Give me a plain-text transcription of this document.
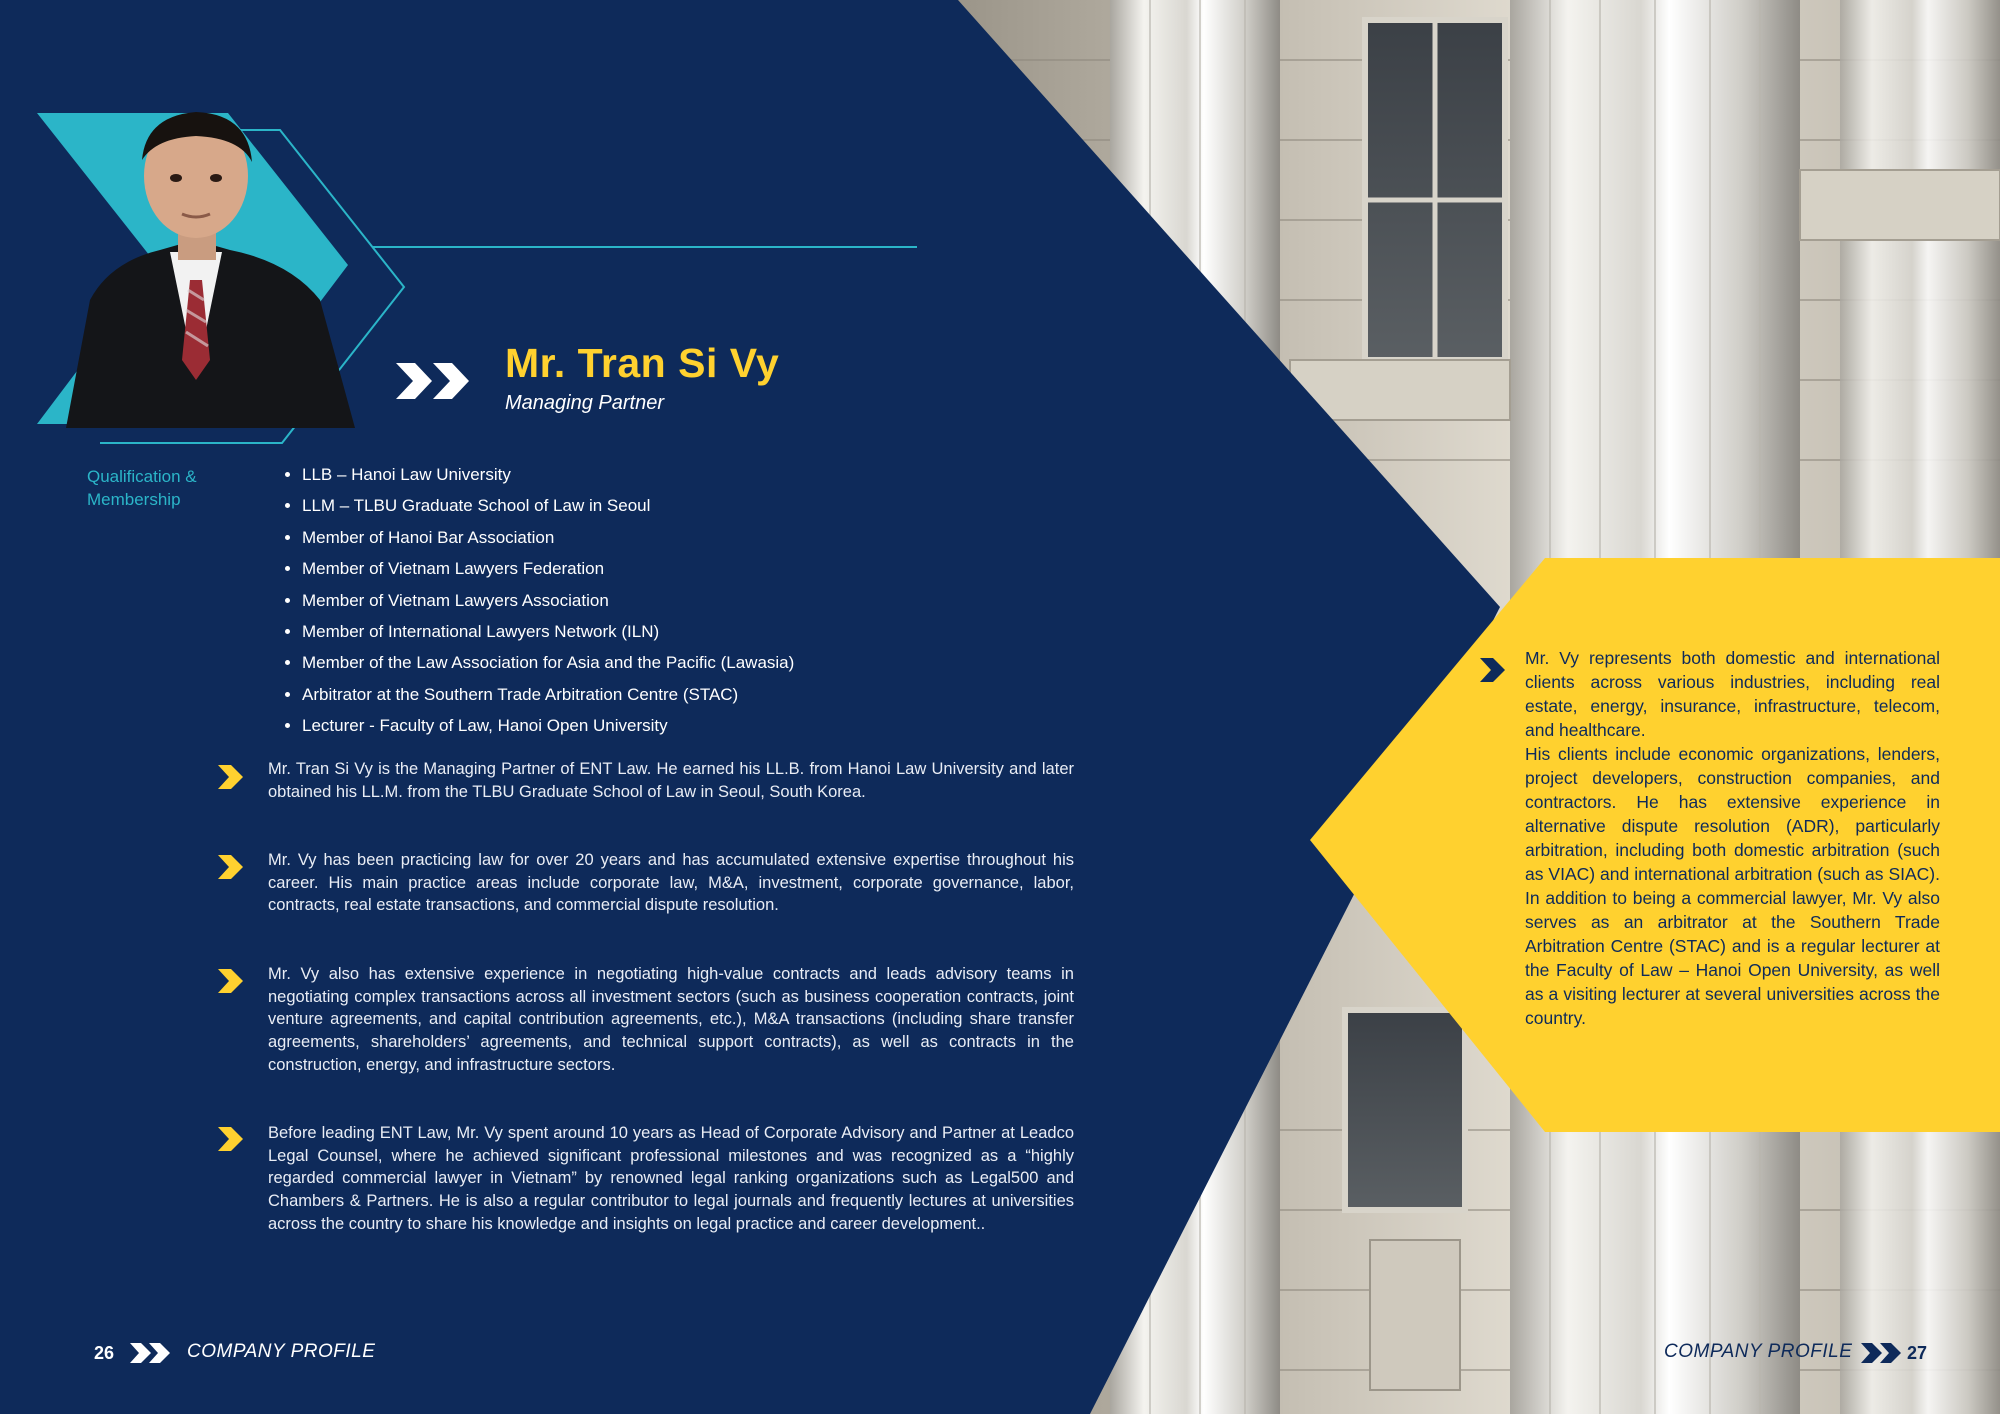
Mr. Tran Si Vy
Managing Partner
Qualification & Membership
• LLB – Hanoi Law University
• LLM – TLBU Graduate School of Law in Seoul
• Member of Hanoi Bar Association
• Member of Vietnam Lawyers Federation
• Member of Vietnam Lawyers Association
• Member of International Lawyers Network (ILN)
• Member of the Law Association for Asia and the Pacific (Lawasia)
• Arbitrator at the Southern Trade Arbitration Centre (STAC)
• Lecturer - Faculty of Law, Hanoi Open University

Mr. Tran Si Vy is the Managing Partner of ENT Law. He earned his LL.B. from Hanoi Law University and later obtained his LL.M. from the TLBU Graduate School of Law in Seoul, South Korea.

Mr. Vy has been practicing law for over 20 years and has accumulated extensive expertise throughout his career. His main practice areas include corporate law, M&A, investment, corporate governance, labor, contracts, real estate transactions, and commercial dispute resolution.

Mr. Vy also has extensive experience in negotiating high-value contracts and leads advisory teams in negotiating complex transactions across all investment sectors (such as business cooperation contracts, joint venture agreements, and capital contribution agreements, etc.), M&A transactions (including share transfer agreements, shareholders’ agreements, and technical support contracts), as well as contracts in the construction, energy, and infrastructure sectors.

Before leading ENT Law, Mr. Vy spent around 10 years as Head of Corporate Advisory and Partner at Leadco Legal Counsel, where he achieved significant professional milestones and was recognized as a “highly regarded commercial lawyer in Vietnam” by renowned legal ranking organizations such as Legal500 and Chambers & Partners. He is also a regular contributor to legal journals and frequently lectures at universities across the country to share his knowledge and insights on legal practice and career development..

Mr. Vy represents both domestic and international clients across various industries, including real estate, energy, insurance, infrastructure, telecom, and healthcare.

His clients include economic organizations, lenders, project developers, construction companies, and contractors. He has extensive experience in alternative dispute resolution (ADR), particularly arbitration, including both domestic arbitration (such as VIAC) and international arbitration (such as SIAC). In addition to being a commercial lawyer, Mr. Vy also serves as an arbitrator at the Southern Trade Arbitration Centre (STAC) and is a regular lecturer at the Faculty of Law – Hanoi Open University, as well as a visiting lecturer at several universities across the country.

26	COMPANY PROFILE	COMPANY PROFILE	27
